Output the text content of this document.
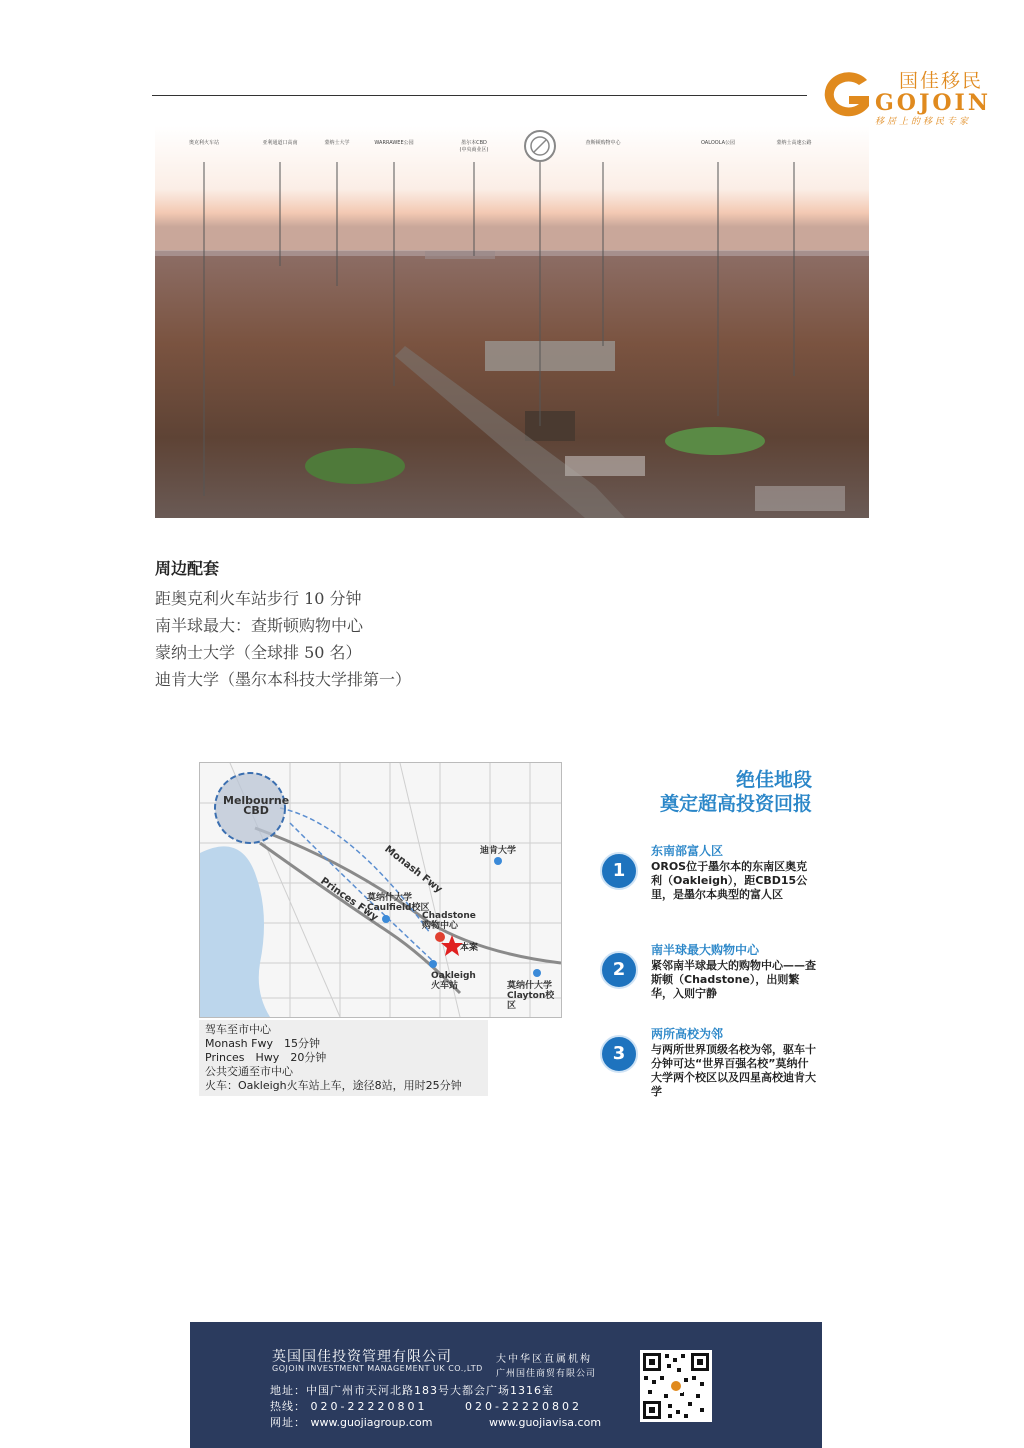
国佳移民
GOJOIN
移居上的移民专家
奥克利火车站	亚利通道口高南	蒙纳士大学	WARRAWEE公园	墨尔本CBD
(中央商业区)
查斯顿购物中心	OALOOLA公园	蒙纳士高速公路
周边配套
距奥克利火车站步行 10 分钟
南半球最大：查斯顿购物中心
蒙纳士大学（全球排 50 名）
迪肯大学（墨尔本科技大学排第一）
Melbourne
CBD
Monash Fwy
Princes Fwy
迪肯大学
莫纳什大学
Caulfield校区
Chadstone
购物中心
本案
Oakleigh
火车站	莫纳什大学
Clayton校区
驾车至市中心
Monash Fwy　15分钟
Princes　Hwy　20分钟
公共交通至市中心
火车：Oakleigh火车站上车，途径8站，用时25分钟
绝佳地段
奠定超高投资回报
1
东南部富人区
OROS位于墨尔本的东南区奥克利（Oakleigh），距CBD15公里，是墨尔本典型的富人区
2
南半球最大购物中心
紧邻南半球最大的购物中心——查斯顿（Chadstone），出则繁华，入则宁静
3
两所高校为邻
与两所世界顶级名校为邻，驱车十分钟可达“世界百强名校”莫纳什大学两个校区以及四星高校迪肯大学
英国国佳投资管理有限公司
GOJOIN INVESTMENT MANAGEMENT UK CO.,LTD
大中华区直属机构
广州国佳商贸有限公司
地址：中国广州市天河北路183号大都会广场1316室
热线： 020-22220801	020-22220802
网址： www.guojiagroup.com	www.guojiavisa.com
